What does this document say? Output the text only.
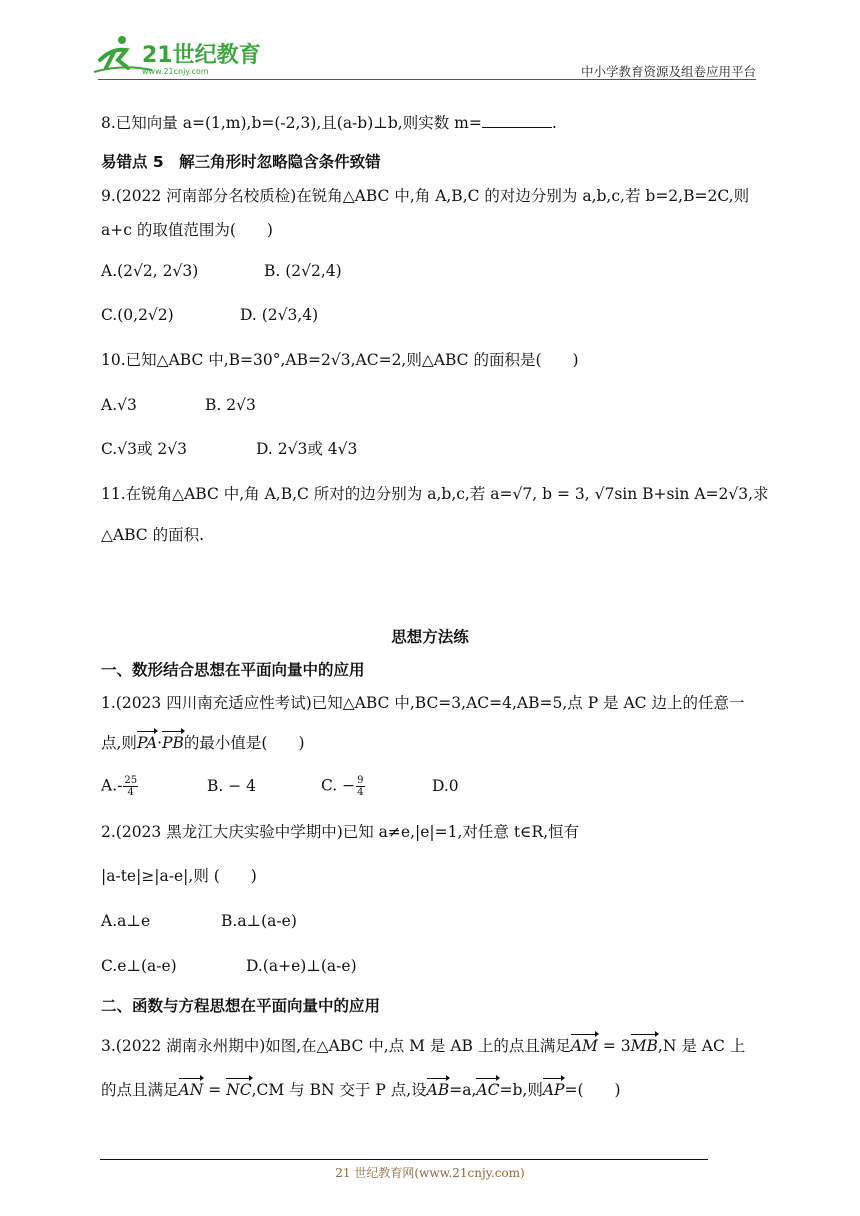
21世纪教育
www.21cnjy.com	中小学教育资源及组卷应用平台
8.已知向量 a=(1,m),b=(-2,3),且(a-b)⊥b,则实数 m=	.
易错点 5　解三角形时忽略隐含条件致错
9.(2022 河南部分名校质检)在锐角△ABC 中,角 A,B,C 的对边分别为 a,b,c,若 b=2,B=2C,则
a+c 的取值范围为(　　)
A.(2√2, 2√3)	B. (2√2,4)
C.(0,2√2)	D. (2√3,4)
10.已知△ABC 中,B=30°,AB=2√3,AC=2,则△ABC 的面积是(　　)
A.√3	B. 2√3
C.√3或 2√3	D. 2√3或 4√3
11.在锐角△ABC 中,角 A,B,C 所对的边分别为 a,b,c,若 a=√7, b = 3, √7sin B+sin A=2√3,求
△ABC 的面积.
思想方法练
一、数形结合思想在平面向量中的应用
1.(2023 四川南充适应性考试)已知△ABC 中,BC=3,AC=4,AB=5,点 P 是 AC 边上的任意一
点,则PA·PB的最小值是(　　)
$A.- \frac{25}{4}$	B. − 4	C. − $\frac{9}{4}$	D.0
2.(2023 黑龙江大庆实验中学期中)已知 a≠e,|e|=1,对任意 t∈R,恒有
|a-te|≥|a-e|,则 (　　)
A.a⊥e	B.a⊥(a-e)
C.e⊥(a-e)	D.(a+e)⊥(a-e)
二、函数与方程思想在平面向量中的应用
3.(2022 湖南永州期中)如图,在△ABC 中,点 M 是 AB 上的点且满足AM = 3MB,N 是 AC 上
的点且满足AN = NC,CM 与 BN 交于 P 点,设AB=a,AC=b,则AP=(　　)
21 世纪教育网(www.21cnjy.com)
